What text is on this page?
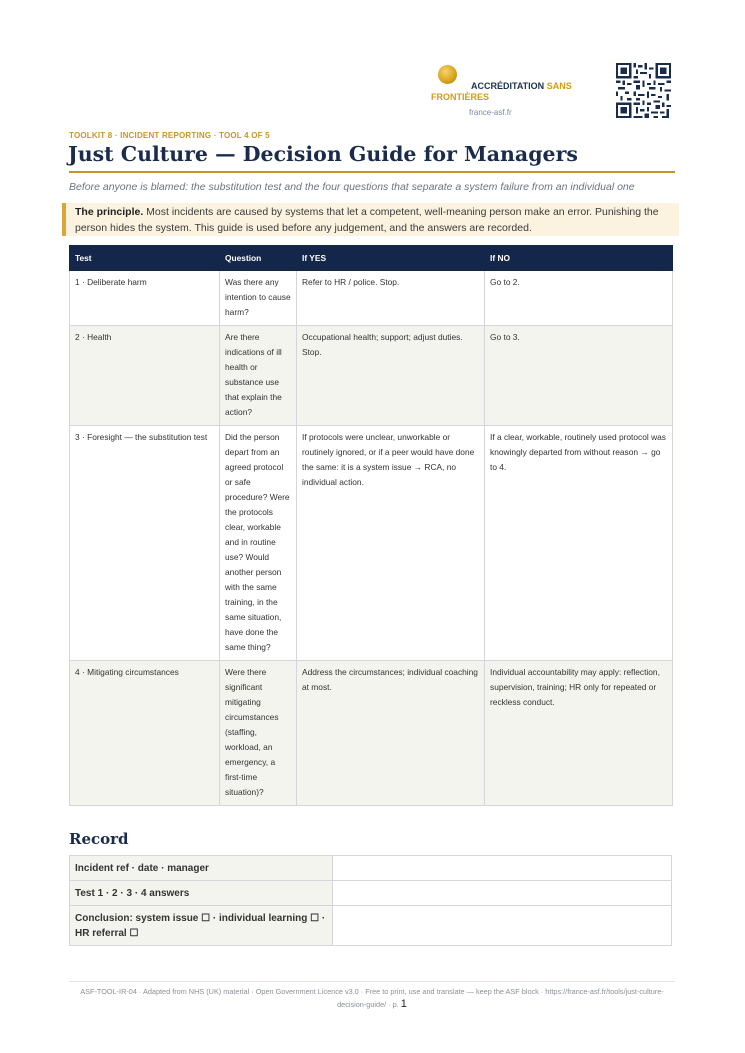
ACCRÉDITATION SANS FRONTIÈRES
france-asf.fr
TOOLKIT 8 · INCIDENT REPORTING · TOOL 4 OF 5
Just Culture — Decision Guide for Managers
Before anyone is blamed: the substitution test and the four questions that separate a system failure from an individual one
The principle. Most incidents are caused by systems that let a competent, well-meaning person make an error. Punishing the person hides the system. This guide is used before any judgement, and the answers are recorded.
Test	Question	If YES	If NO
1 · Deliberate harm	Was there any intention to cause harm?	Refer to HR / police. Stop.	Go to 2.
2 · Health	Are there indications of ill health or substance use that explain the action?	Occupational health; support; adjust duties. Stop.	Go to 3.
3 · Foresight — the substitution test	Did the person depart from an agreed protocol or safe procedure? Were the protocols clear, workable and in routine use? Would another person with the same training, in the same situation, have done the same thing?	If protocols were unclear, unworkable or routinely ignored, or if a peer would have done the same: it is a system issue → RCA, no individual action.	If a clear, workable, routinely used protocol was knowingly departed from without reason → go to 4.
4 · Mitigating circumstances	Were there significant mitigating circumstances (staffing, workload, an emergency, a first-time situation)?	Address the circumstances; individual coaching at most.	Individual accountability may apply: reflection, supervision, training; HR only for repeated or reckless conduct.
Record
Incident ref · date · manager	
Test 1 · 2 · 3 · 4 answers	
Conclusion: system issue ☐ · individual learning ☐ · HR referral ☐	
ASF-TOOL-IR-04 · Adapted from NHS (UK) material · Open Government Licence v3.0 · Free to print, use and translate — keep the ASF block · https://france-asf.fr/tools/just-culture-decision-guide/ · p. 1
